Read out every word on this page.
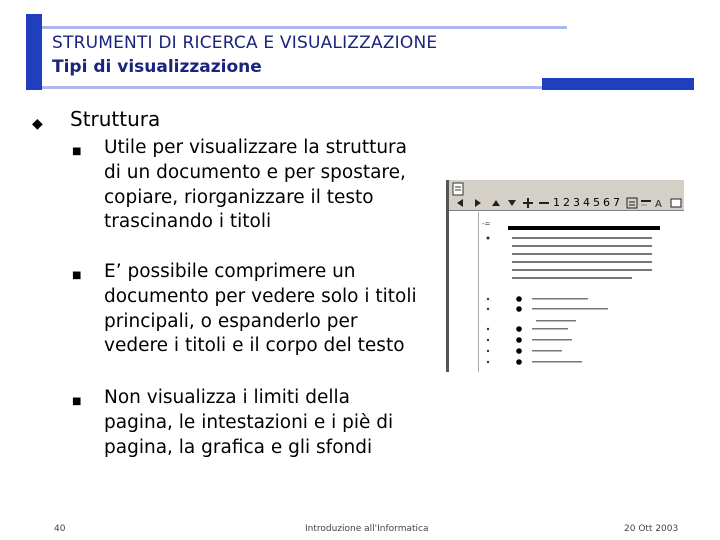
STRUMENTI DI RICERCA E VISUALIZZAZIONE
Tipi di visualizzazione
◆ Struttura
■ Utile per visualizzare la struttura di un documento e per spostare, copiare, riorganizzare il testo trascinando i titoli
■ E’ possibile comprimere un documento per vedere solo i titoli principali, o espanderlo per vedere i titoli e il corpo del testo
■ Non visualizza i limiti della pagina, le intestazioni e i piè di pagina, la grafica e gli sfondi
1 2 3 4 5 6 7	A
-=
40	Introduzione all'Informatica	20 Ott 2003
